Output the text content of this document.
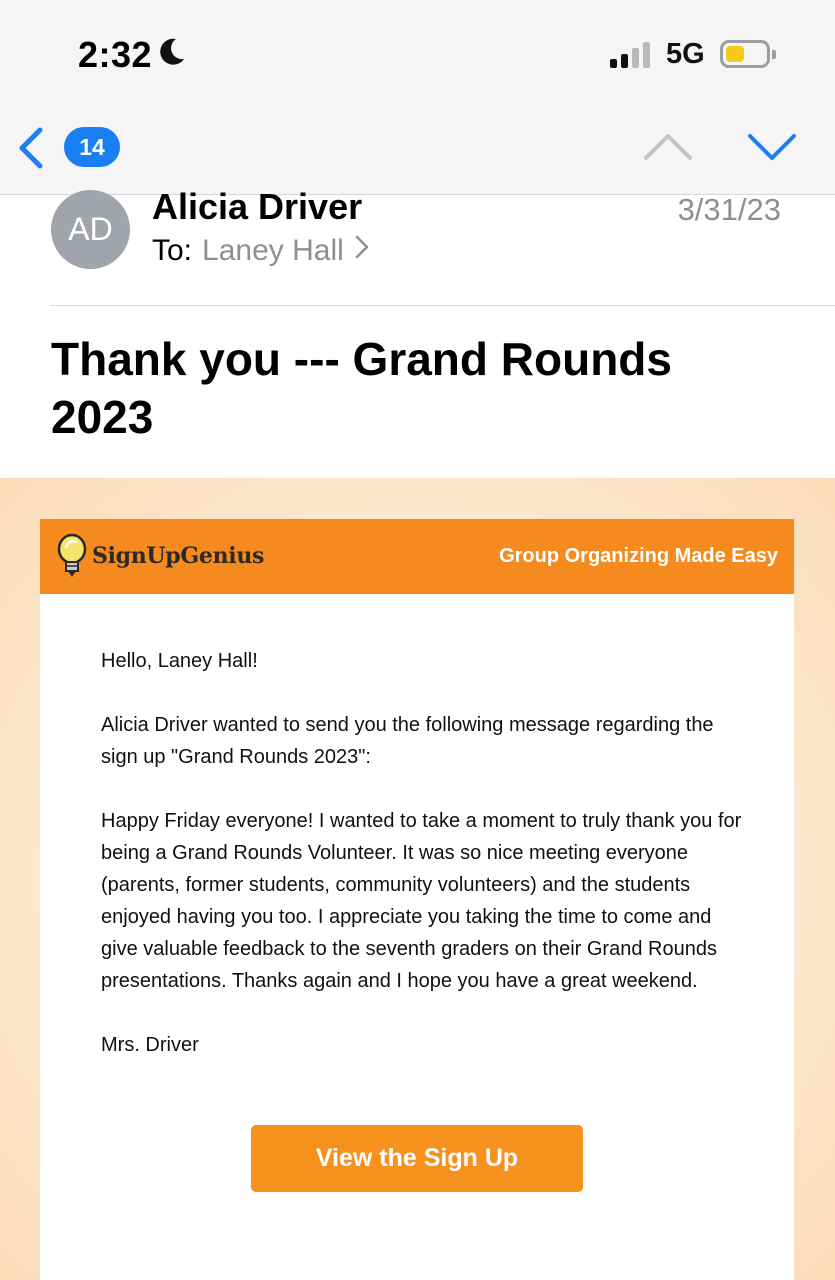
2:32	5G
14
AD
Alicia Driver
To: Laney Hall
3/31/23
Thank you --- Grand Rounds 2023
SignUpGenius	Group Organizing Made Easy

Hello, Laney Hall!

Alicia Driver wanted to send you the following message regarding the sign up "Grand Rounds 2023":

Happy Friday everyone! I wanted to take a moment to truly thank you for being a Grand Rounds Volunteer. It was so nice meeting everyone (parents, former students, community volunteers) and the students enjoyed having you too. I appreciate you taking the time to come and give valuable feedback to the seventh graders on their Grand Rounds presentations. Thanks again and I hope you have a great weekend.

Mrs. Driver

View the Sign Up
